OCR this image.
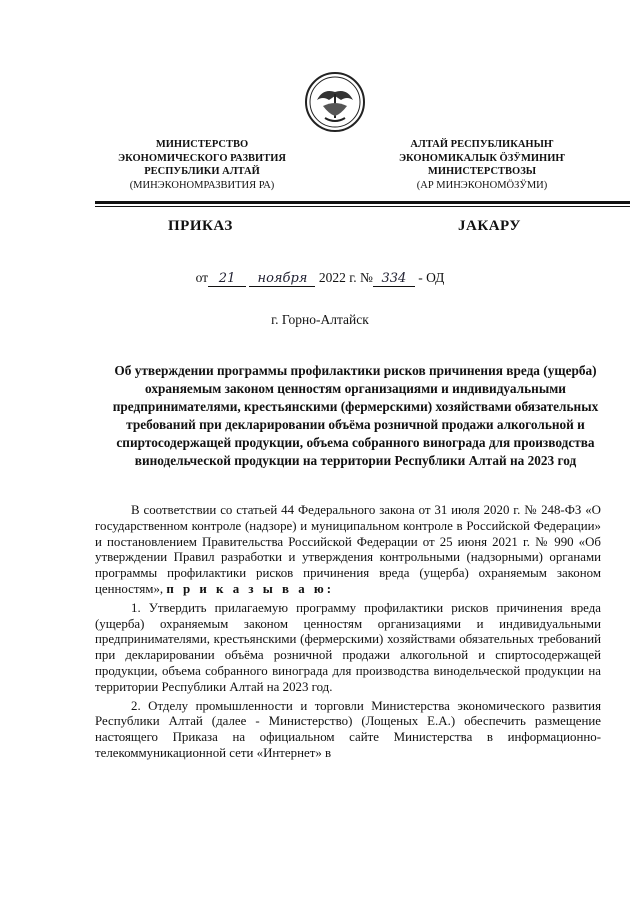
МИНИСТЕРСТВО
ЭКОНОМИЧЕСКОГО РАЗВИТИЯ
РЕСПУБЛИКИ АЛТАЙ
(МИНЭКОНОМРАЗВИТИЯ РА)
АЛТАЙ РЕСПУБЛИКАНЫҤ
ЭКОНОМИКАЛЫК ӦЗӰМИНИҤ
МИНИСТЕРСТВОЗЫ
(АР МИНЭКОНОМӦЗӰМИ)
ПРИКАЗ	ЈАКАРУ
от 21 ноября 2022 г. № 334 - ОД
г. Горно-Алтайск
Об утверждении программы профилактики рисков причинения вреда (ущерба) охраняемым законом ценностям организациями и индивидуальными предпринимателями, крестьянскими (фермерскими) хозяйствами обязательных требований при декларировании объёма розничной продажи алкогольной и спиртосодержащей продукции, объема собранного винограда для производства винодельческой продукции на территории Республики Алтай на 2023 год

В соответствии со статьей 44 Федерального закона от 31 июля 2020 г. № 248-ФЗ «О государственном контроле (надзоре) и муниципальном контроле в Российской Федерации» и постановлением Правительства Российской Федерации от 25 июня 2021 г. № 990 «Об утверждении Правил разработки и утверждения контрольными (надзорными) органами программы профилактики рисков причинения вреда (ущерба) охраняемым законом ценностям», п р и к а з ы в а ю:

1. Утвердить прилагаемую программу профилактики рисков причинения вреда (ущерба) охраняемым законом ценностям организациями и индивидуальными предпринимателями, крестьянскими (фермерскими) хозяйствами обязательных требований при декларировании объёма розничной продажи алкогольной и спиртосодержащей продукции, объема собранного винограда для производства винодельческой продукции на территории Республики Алтай на 2023 год.

2. Отделу промышленности и торговли Министерства экономического развития Республики Алтай (далее - Министерство) (Лощеных Е.А.) обеспечить размещение настоящего Приказа на официальном сайте Министерства в информационно-телекоммуникационной сети «Интернет» в
